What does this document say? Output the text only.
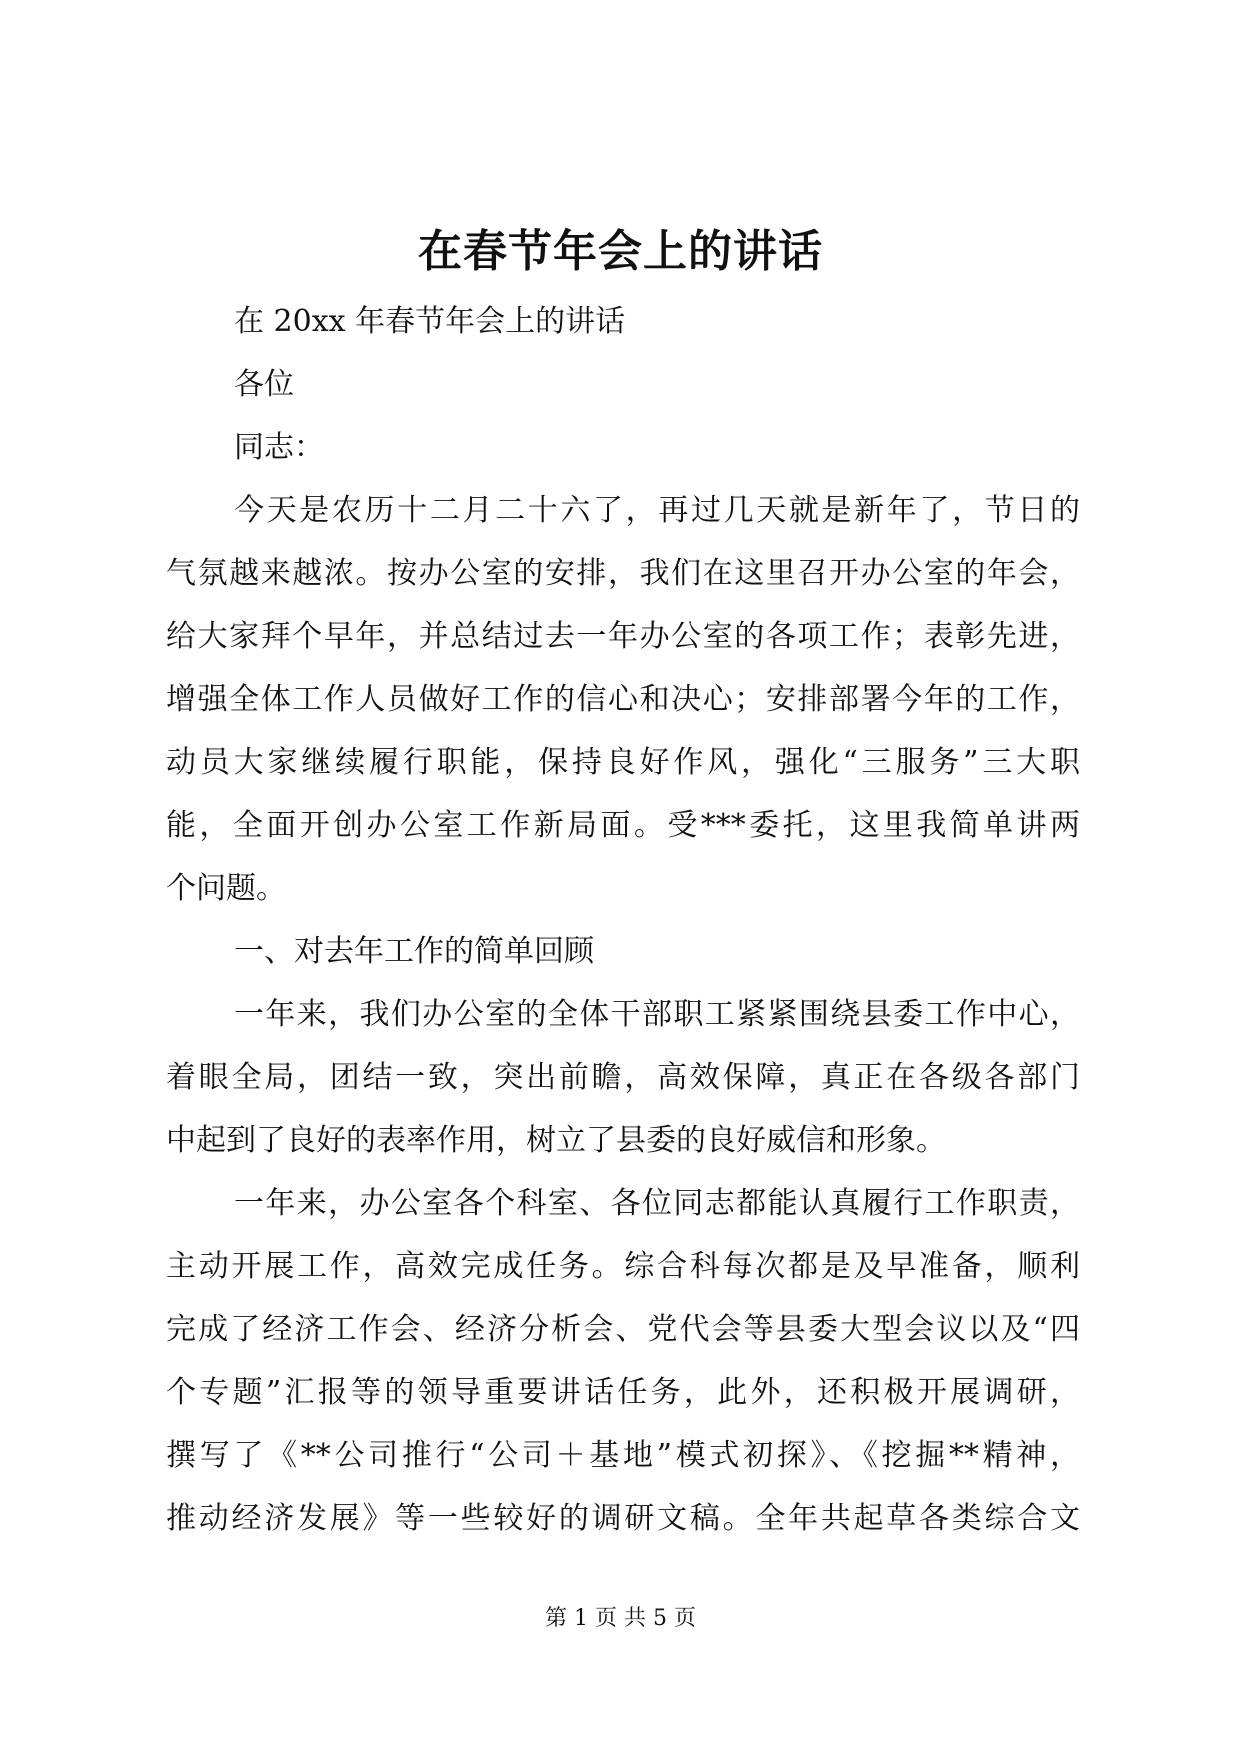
在春节年会上的讲话
在 20xx 年春节年会上的讲话
各位
同志：
今天是农历十二月二十六了，再过几天就是新年了，节日的
气氛越来越浓。按办公室的安排，我们在这里召开办公室的年会，
给大家拜个早年，并总结过去一年办公室的各项工作；表彰先进，
增强全体工作人员做好工作的信心和决心；安排部署今年的工作，
动员大家继续履行职能，保持良好作风，强化“三服务”三大职
能，全面开创办公室工作新局面。受***委托，这里我简单讲两
个问题。
一、对去年工作的简单回顾
一年来，我们办公室的全体干部职工紧紧围绕县委工作中心，
着眼全局，团结一致，突出前瞻，高效保障，真正在各级各部门
中起到了良好的表率作用，树立了县委的良好威信和形象。
一年来，办公室各个科室、各位同志都能认真履行工作职责，
主动开展工作，高效完成任务。综合科每次都是及早准备，顺利
完成了经济工作会、经济分析会、党代会等县委大型会议以及“四
个专题”汇报等的领导重要讲话任务，此外，还积极开展调研，
撰写了《**公司推行“公司＋基地”模式初探》、《挖掘**精神，
推动经济发展》等一些较好的调研文稿。全年共起草各类综合文
第 1 页 共 5 页
